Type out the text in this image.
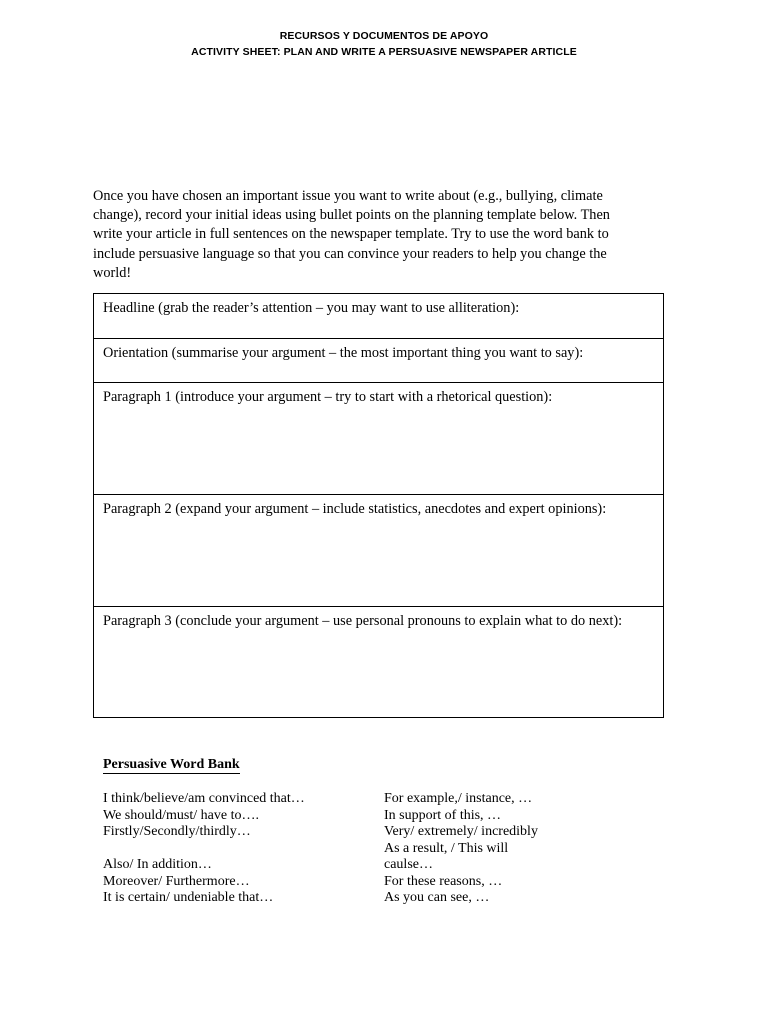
RECURSOS Y DOCUMENTOS DE APOYO
ACTIVITY SHEET: PLAN AND WRITE A PERSUASIVE NEWSPAPER ARTICLE
Once you have chosen an important issue you want to write about (e.g., bullying, climate
change), record your initial ideas using bullet points on the planning template below. Then
write your article in full sentences on the newspaper template. Try to use the word bank to
include persuasive language so that you can convince your readers to help you change the
world!
Headline (grab the reader’s attention – you may want to use alliteration):
Orientation (summarise your argument – the most important thing you want to say):
Paragraph 1 (introduce your argument – try to start with a rhetorical question):
Paragraph 2 (expand your argument – include statistics, anecdotes and expert opinions):
Paragraph 3 (conclude your argument – use personal pronouns to explain what to do next):
Persuasive Word Bank
I think/believe/am convinced that…
We should/must/ have to….
Firstly/Secondly/thirdly…
Also/ In addition…
Moreover/ Furthermore…
It is certain/ undeniable that…
For example,/ instance, …
In support of this, …
Very/ extremely/ incredibly
As a result, / This will
caulse…
For these reasons, …
As you can see, …
